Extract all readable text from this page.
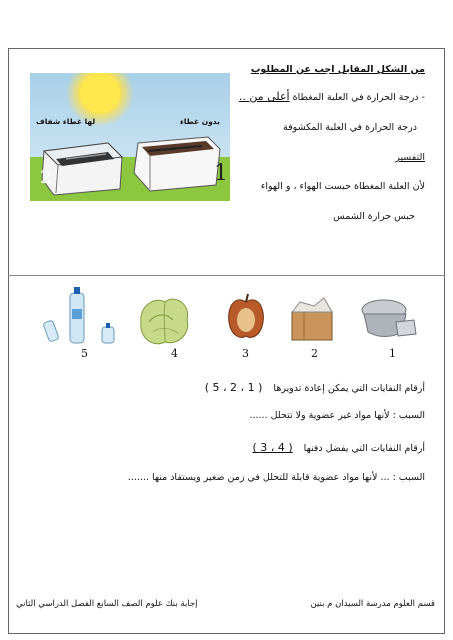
من الشكل المقابل اجب عن المطلوب
- درجة الحرارة في العلبة المغطاة أعلى من ..
درجة الحرارة في العلبة المكشوفة
التفسير
لأن العلبة المغطاة حبست الهواء ، و الهواء
حبس حرارة الشمس
لها غطاء شفاف	بدون غطاء
2	1
5	4	3	2	1
أرقام النفايات التي يمكن إعادة تدويرها ( 1 ، 2 ، 5 )
السبب : لأنها مواد غير عضوية ولا تتحلل ......
أرقام النفايات التي يفضل دفنها ( 4 ، 3 )
السبب : ... لأنها مواد عضوية قابلة للتحلل في زمن صغير ويستفاد منها .......
قسم العلوم مدرسة السيدان م بنين
إجابة بنك علوم الصف السابع الفصل الدراسي الثاني
